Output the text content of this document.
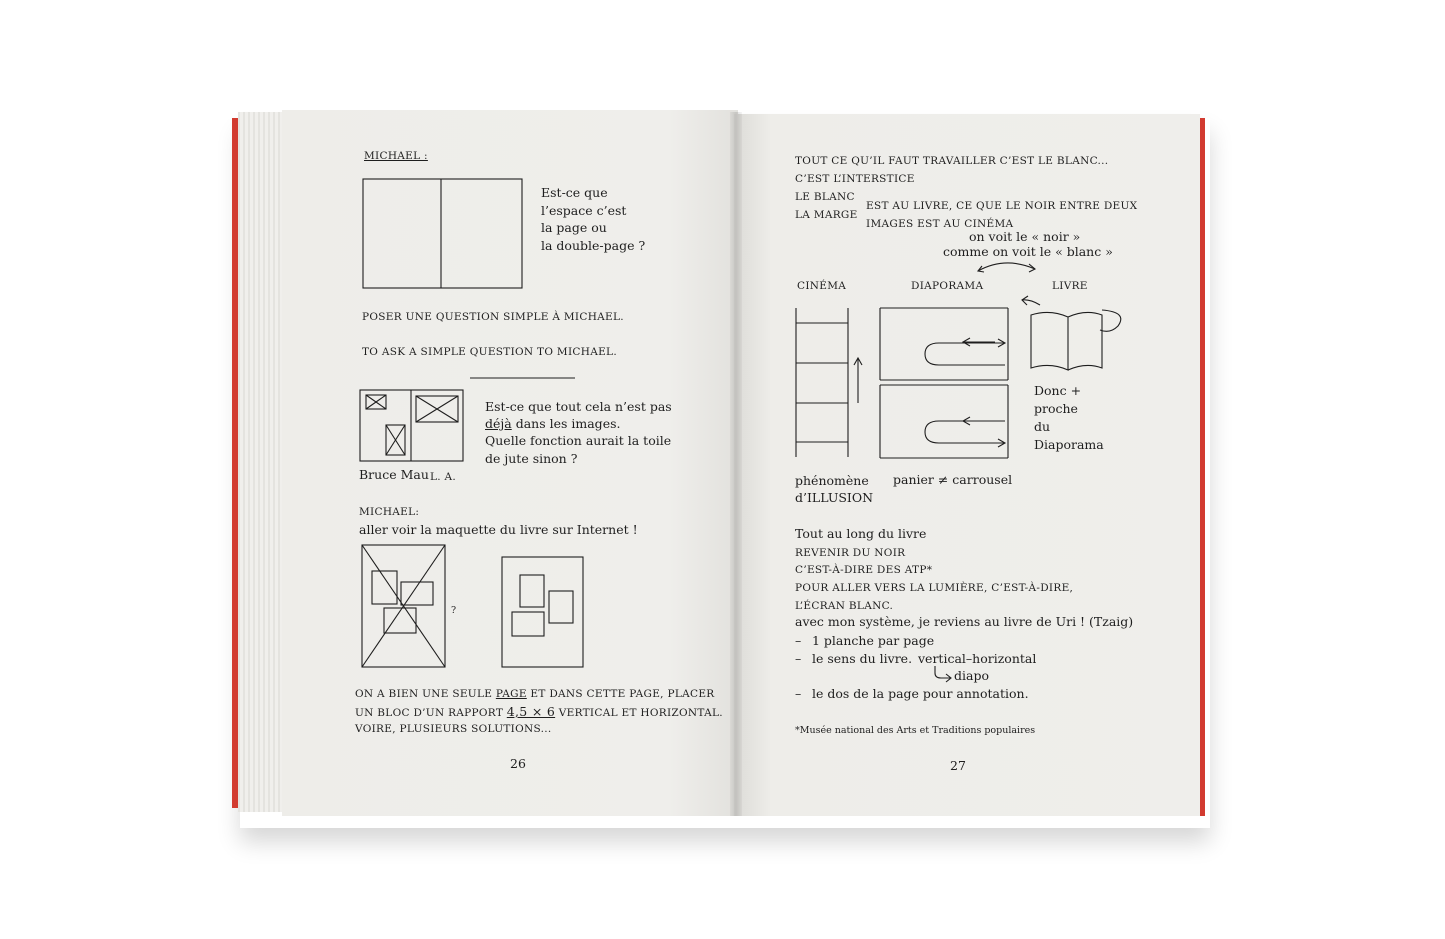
MICHAEL :
Est-ce que
l’espace c’est
la page ou
la double-page ?
POSER UNE QUESTION SIMPLE À MICHAEL.
TO ASK A SIMPLE QUESTION TO MICHAEL.
Est-ce que tout cela n’est pas
déjà dans les images.
Quelle fonction aurait la toile
de jute sinon ?
Bruce Mau L. A.
MICHAEL:
aller voir la maquette du livre sur Internet !
?
ON A BIEN UNE SEULE PAGE ET DANS CETTE PAGE, PLACER
UN BLOC D’UN RAPPORT 4,5 × 6 VERTICAL ET HORIZONTAL.
VOIRE, PLUSIEURS SOLUTIONS...
26
TOUT CE QU’IL FAUT TRAVAILLER C’EST LE BLANC...
C’EST L’INTERSTICE
LE BLANC
LA MARGE
EST AU LIVRE, CE QUE LE NOIR ENTRE DEUX
IMAGES EST AU CINÉMA
on voit le « noir »
comme on voit le « blanc »
CINÉMA	DIAPORAMA	LIVRE
Donc +
proche
du
Diaporama
phénomène
d’ILLUSION
panier ≠ carrousel
Tout au long du livre
REVENIR DU NOIR
C’EST-À-DIRE DES ATP*
POUR ALLER VERS LA LUMIÈRE, C’EST-À-DIRE,
L’ÉCRAN BLANC.
avec mon système, je reviens au livre de Uri ! (Tzaig)
– 1 planche par page
– le sens du livre. vertical–horizontal
diapo
– le dos de la page pour annotation.
*Musée national des Arts et Traditions populaires
27
